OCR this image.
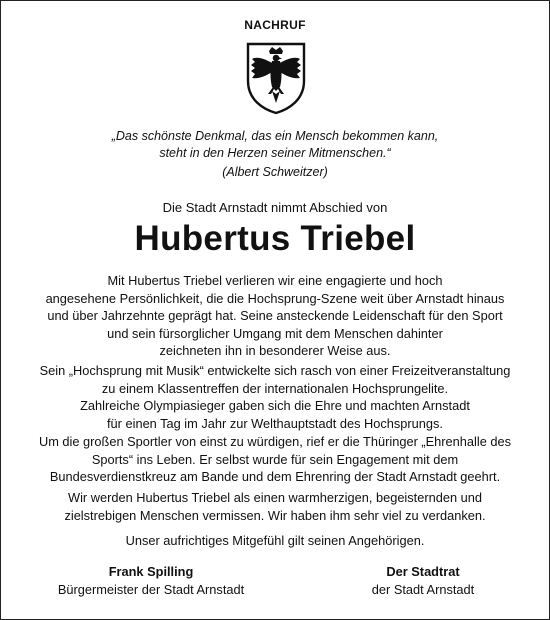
NACHRUF
„Das schönste Denkmal, das ein Mensch bekommen kann,
steht in den Herzen seiner Mitmenschen.“
(Albert Schweitzer)
Die Stadt Arnstadt nimmt Abschied von
Hubertus Triebel
Mit Hubertus Triebel verlieren wir eine engagierte und hoch
angesehene Persönlichkeit, die die Hochsprung-Szene weit über Arnstadt hinaus
und über Jahrzehnte geprägt hat. Seine ansteckende Leidenschaft für den Sport
und sein fürsorglicher Umgang mit dem Menschen dahinter
zeichneten ihn in besonderer Weise aus.
Sein „Hochsprung mit Musik“ entwickelte sich rasch von einer Freizeitveranstaltung
zu einem Klassentreffen der internationalen Hochsprungelite.
Zahlreiche Olympiasieger gaben sich die Ehre und machten Arnstadt
für einen Tag im Jahr zur Welthauptstadt des Hochsprungs.
Um die großen Sportler von einst zu würdigen, rief er die Thüringer „Ehrenhalle des
Sports“ ins Leben. Er selbst wurde für sein Engagement mit dem
Bundesverdienstkreuz am Bande und dem Ehrenring der Stadt Arnstadt geehrt.
Wir werden Hubertus Triebel als einen warmherzigen, begeisternden und
zielstrebigen Menschen vermissen. Wir haben ihm sehr viel zu verdanken.
Unser aufrichtiges Mitgefühl gilt seinen Angehörigen.
Frank Spilling
Bürgermeister der Stadt Arnstadt
Der Stadtrat
der Stadt Arnstadt
